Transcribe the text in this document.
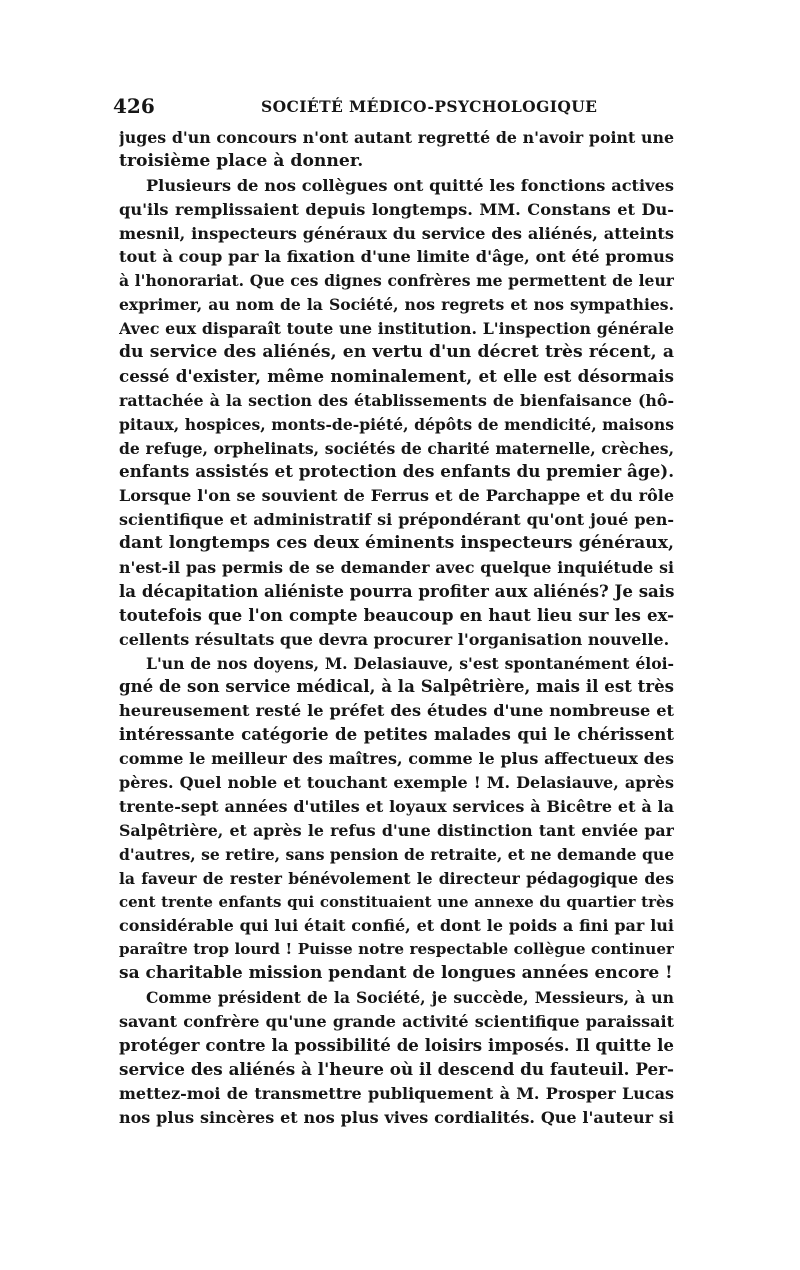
426	SOCIÉTÉ MÉDICO-PSYCHOLOGIQUE
juges d'un concours n'ont autant regretté de n'avoir point une
troisième place à donner.
Plusieurs de nos collègues ont quitté les fonctions actives
qu'ils remplissaient depuis longtemps. MM. Constans et Du-
mesnil, inspecteurs généraux du service des aliénés, atteints
tout à coup par la fixation d'une limite d'âge, ont été promus
à l'honorariat. Que ces dignes confrères me permettent de leur
exprimer, au nom de la Société, nos regrets et nos sympathies.
Avec eux disparaît toute une institution. L'inspection générale
du service des aliénés, en vertu d'un décret très récent, a
cessé d'exister, même nominalement, et elle est désormais
rattachée à la section des établissements de bienfaisance (hô-
pitaux, hospices, monts-de-piété, dépôts de mendicité, maisons
de refuge, orphelinats, sociétés de charité maternelle, crèches,
enfants assistés et protection des enfants du premier âge).
Lorsque l'on se souvient de Ferrus et de Parchappe et du rôle
scientifique et administratif si prépondérant qu'ont joué pen-
dant longtemps ces deux éminents inspecteurs généraux,
n'est-il pas permis de se demander avec quelque inquiétude si
la décapitation aliéniste pourra profiter aux aliénés? Je sais
toutefois que l'on compte beaucoup en haut lieu sur les ex-
cellents résultats que devra procurer l'organisation nouvelle.
L'un de nos doyens, M. Delasiauve, s'est spontanément éloi-
gné de son service médical, à la Salpêtrière, mais il est très
heureusement resté le préfet des études d'une nombreuse et
intéressante catégorie de petites malades qui le chérissent
comme le meilleur des maîtres, comme le plus affectueux des
pères. Quel noble et touchant exemple ! M. Delasiauve, après
trente-sept années d'utiles et loyaux services à Bicêtre et à la
Salpêtrière, et après le refus d'une distinction tant enviée par
d'autres, se retire, sans pension de retraite, et ne demande que
la faveur de rester bénévolement le directeur pédagogique des
cent trente enfants qui constituaient une annexe du quartier très
considérable qui lui était confié, et dont le poids a fini par lui
paraître trop lourd ! Puisse notre respectable collègue continuer
sa charitable mission pendant de longues années encore !
Comme président de la Société, je succède, Messieurs, à un
savant confrère qu'une grande activité scientifique paraissait
protéger contre la possibilité de loisirs imposés. Il quitte le
service des aliénés à l'heure où il descend du fauteuil. Per-
mettez-moi de transmettre publiquement à M. Prosper Lucas
nos plus sincères et nos plus vives cordialités. Que l'auteur si
